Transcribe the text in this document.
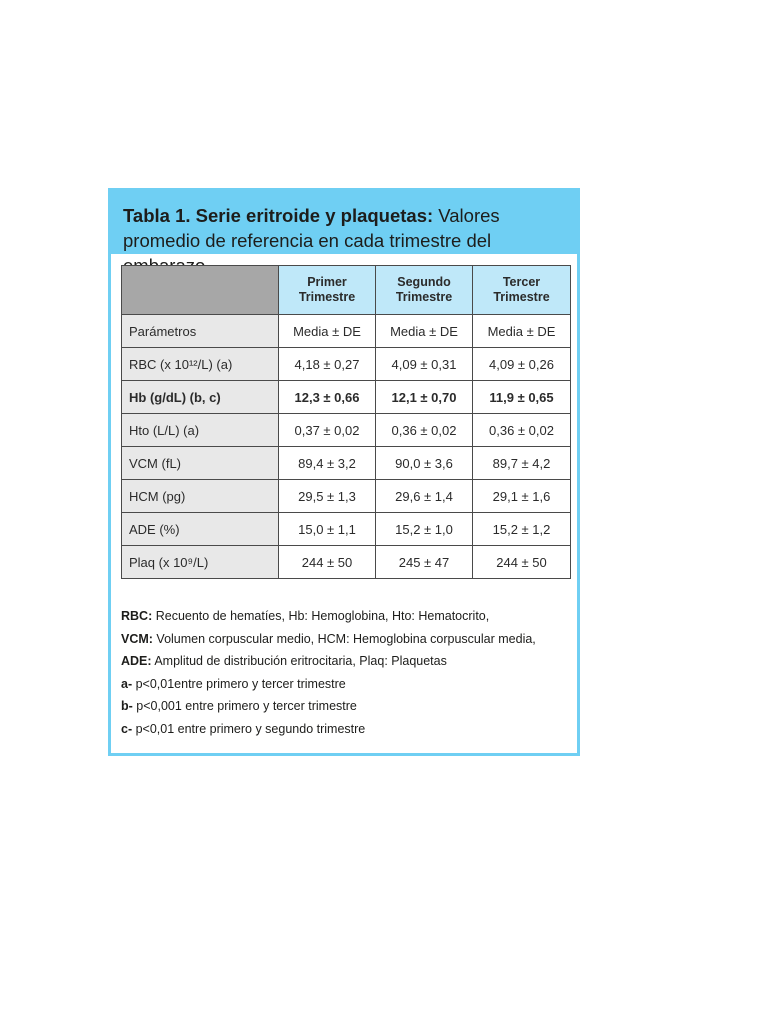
Tabla 1. Serie eritroide y plaquetas: Valores promedio de referencia en cada trimestre del
	Primer Trimestre	Segundo Trimestre	Tercer Trimestre
Parámetros	Media ± DE	Media ± DE	Media ± DE
RBC (x 10¹²/L) (a)	4,18 ± 0,27	4,09 ± 0,31	4,09 ± 0,26
Hb (g/dL) (b, c)	12,3 ± 0,66	12,1 ± 0,70	11,9 ± 0,65
Hto (L/L) (a)	0,37 ± 0,02	0,36 ± 0,02	0,36 ± 0,02
VCM (fL)	89,4 ± 3,2	90,0 ± 3,6	89,7 ± 4,2
HCM (pg)	29,5 ± 1,3	29,6 ± 1,4	29,1 ± 1,6
ADE (%)	15,0 ± 1,1	15,2 ± 1,0	15,2 ± 1,2
Plaq (x 10⁹/L)	244 ± 50	245 ± 47	244 ± 50
RBC: Recuento de hematíes, Hb: Hemoglobina, Hto: Hematocrito,
VCM: Volumen corpuscular medio, HCM: Hemoglobina corpuscular media,
ADE: Amplitud de distribución eritrocitaria, Plaq: Plaquetas
a- p<0,01entre primero y tercer trimestre
b- p<0,001 entre primero y tercer trimestre
c- p<0,01 entre primero y segundo trimestre
